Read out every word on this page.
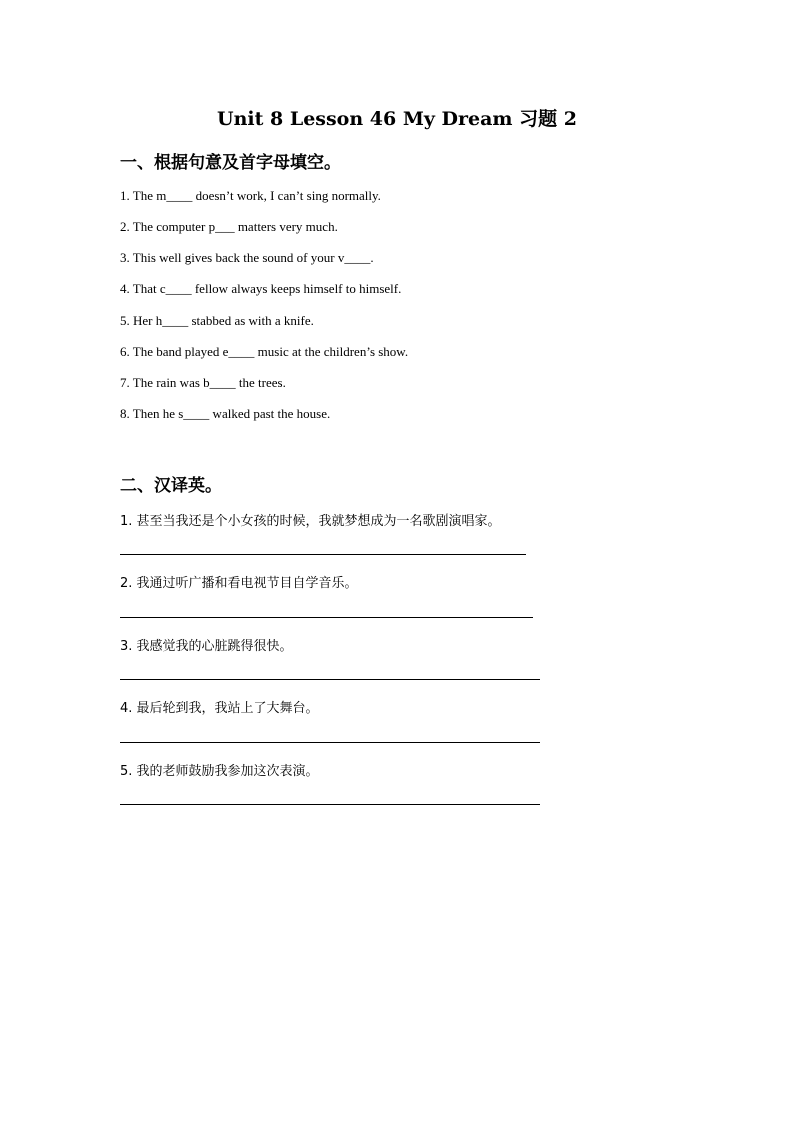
Unit 8 Lesson 46 My Dream 习题 2
一、根据句意及首字母填空。
1. The m____ doesn’t work, I can’t sing normally.
2. The computer p___ matters very much.
3. This well gives back the sound of your v____.
4. That c____ fellow always keeps himself to himself.
5. Her h____ stabbed as with a knife.
6. The band played e____ music at the children’s show.
7. The rain was b____ the trees.
8. Then he s____ walked past the house.
二、汉译英。
1. 甚至当我还是个小女孩的时候，我就梦想成为一名歌剧演唱家。
2. 我通过听广播和看电视节目自学音乐。
3. 我感觉我的心脏跳得很快。
4. 最后轮到我，我站上了大舞台。
5. 我的老师鼓励我参加这次表演。
